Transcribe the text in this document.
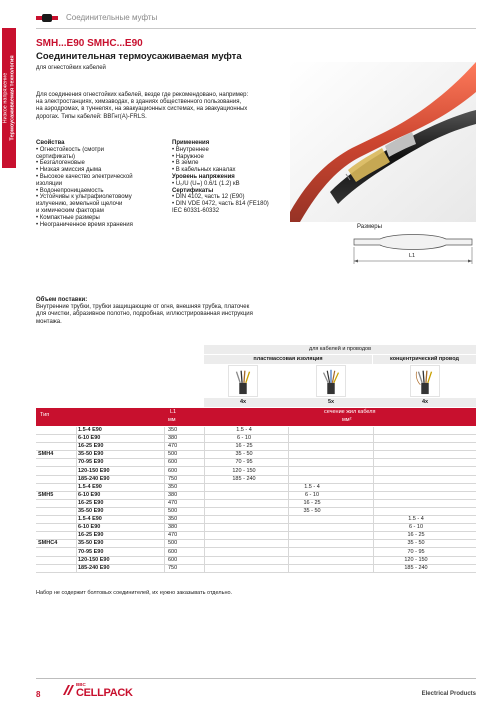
Соединительные муфты
Низкое напряжение Термоусаживаемая технология
SMH...E90 SMHC...E90
Соединительная термоусаживаемая муфта
для огнестойких кабелей
Для соединения огнестойких кабелей, везде где рекомендовано, например:
на электростанциях, химзаводах, в зданиях общественного пользования,
на аэродромах, в туннелях, на эвакуационных системах, на эвакуационных
дорогах. Типы кабелей: ВВГнг(А)-FRLS.
Свойства
• Огнестойкость (смотри
сертификаты)
• Безгалогеновые
• Низкая эмиссия дыма
• Высокое качество электрической
изоляции
• Водонепроницаемость
• Устойчивы к ультрафиолетовому
излучению, земельной щелочи
и химическим факторам
• Компактные размеры
• Неограниченное время хранения
Применения
• Внутреннее
• Наружное
• В земле
• В кабельных каналах
Уровень напряжения
• U₀/U (Uₘ) 0.6/1 (1.2) кВ
Сертификаты
• DIN 4102, часть 12 (E90)
• DIN VDE 0472, часть 814 (FE180)
IEC 60331-60332
Размеры
L1
Объем поставки:
Внутренние трубки, трубки защищающие от огня, внешняя трубка, платочек
для очистки, абразивное полотно, подробная, иллюстрированная инструкция
монтажа.
для кабелей и проводов
пластмассовая изоляция	концентрический провод
4x	5x	4x
Тип	L1
мм
сечение жил кабеля
мм²
1.5-4 E90	350	1.5 - 4
6-10 E90	380	6 - 10
16-25 E90	470	16 - 25
SMH4	35-50 E90	500	35 - 50
70-95 E90	600	70 - 95
120-150 E90	600	120 - 150
185-240 E90	750	185 - 240
1.5-4 E90	350	1.5 - 4
SMH5	6-10 E90	380	6 - 10
16-25 E90	470	16 - 25
35-50 E90	500	35 - 50
1.5-4 E90	350	1.5 - 4
6-10 E90	380	6 - 10
16-25 E90	470	16 - 25
SMHC4	35-50 E90	500	35 - 50
70-95 E90	600	70 - 95
120-150 E90	600	120 - 150
185-240 E90	750	185 - 240
Набор не содержит болтовых соединителей, их нужно заказывать отдельно.
8
BBC
CELLPACK	Electrical Products
